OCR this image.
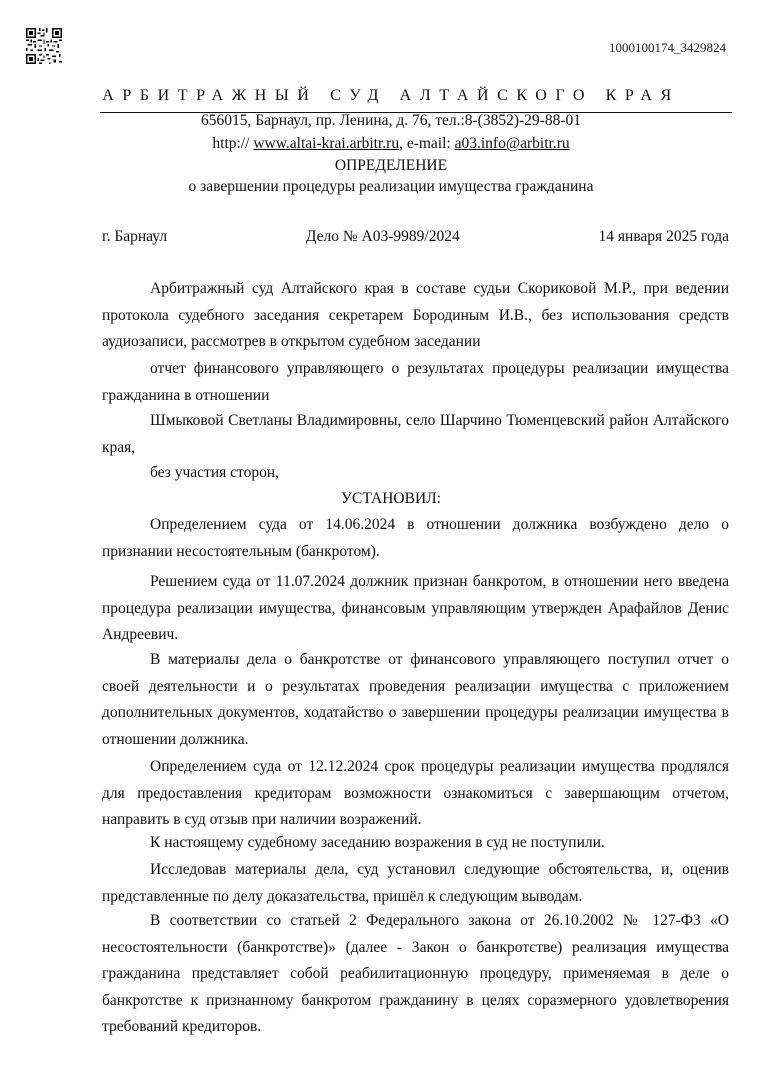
1000100174_3429824
АРБИТРАЖНЫЙ СУД АЛТАЙСКОГО КРАЯ
656015, Барнаул, пр. Ленина, д. 76, тел.:8-(3852)-29-88-01
http:// www.altai-krai.arbitr.ru, e-mail: a03.info@arbitr.ru
ОПРЕДЕЛЕНИЕ
о завершении процедуры реализации имущества гражданина
г. Барнаул	Дело № А03-9989/2024	14 января 2025 года
Арбитражный суд Алтайского края в составе судьи Скориковой М.Р., при ведении протокола судебного заседания секретарем Бородиным И.В., без использования средств аудиозаписи, рассмотрев в открытом судебном заседании
отчет финансового управляющего о результатах процедуры реализации имущества гражданина в отношении
Шмыковой Светланы Владимировны, село Шарчино Тюменцевский район Алтайского края,
без участия сторон,
УСТАНОВИЛ:
Определением суда от 14.06.2024 в отношении должника возбуждено дело о признании несостоятельным (банкротом).
Решением суда от 11.07.2024 должник признан банкротом, в отношении него введена процедура реализации имущества, финансовым управляющим утвержден Арафайлов Денис Андреевич.
В материалы дела о банкротстве от финансового управляющего поступил отчет о своей деятельности и о результатах проведения реализации имущества с приложением дополнительных документов, ходатайство о завершении процедуры реализации имущества в отношении должника.
Определением суда от 12.12.2024 срок процедуры реализации имущества продлялся для предоставления кредиторам возможности ознакомиться с завершающим отчетом, направить в суд отзыв при наличии возражений.
К настоящему судебному заседанию возражения в суд не поступили.
Исследовав материалы дела, суд установил следующие обстоятельства, и, оценив представленные по делу доказательства, пришёл к следующим выводам.
В соответствии со статьей 2 Федерального закона от 26.10.2002 № 127-ФЗ «О несостоятельности (банкротстве)» (далее - Закон о банкротстве) реализация имущества гражданина представляет собой реабилитационную процедуру, применяемая в деле о банкротстве к признанному банкротом гражданину в целях соразмерного удовлетворения требований кредиторов.
